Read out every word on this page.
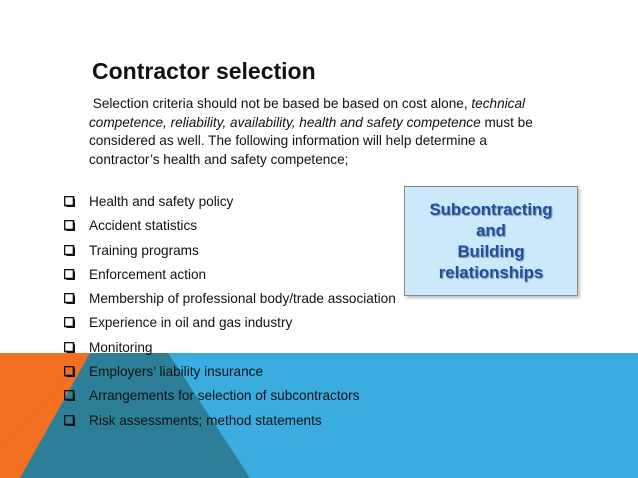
Contractor selection
Selection criteria should not be based be based on cost alone, technical competence, reliability, availability, health and safety competence must be considered as well. The following information will help determine a contractor’s health and safety competence;
Health and safety policy
Accident statistics
Training programs
Enforcement action
Membership of professional body/trade association
Experience in oil and gas industry
Monitoring
Employers’ liability insurance
Arrangements for selection of subcontractors
Risk assessments; method statements
Subcontracting
and
Building
relationships
